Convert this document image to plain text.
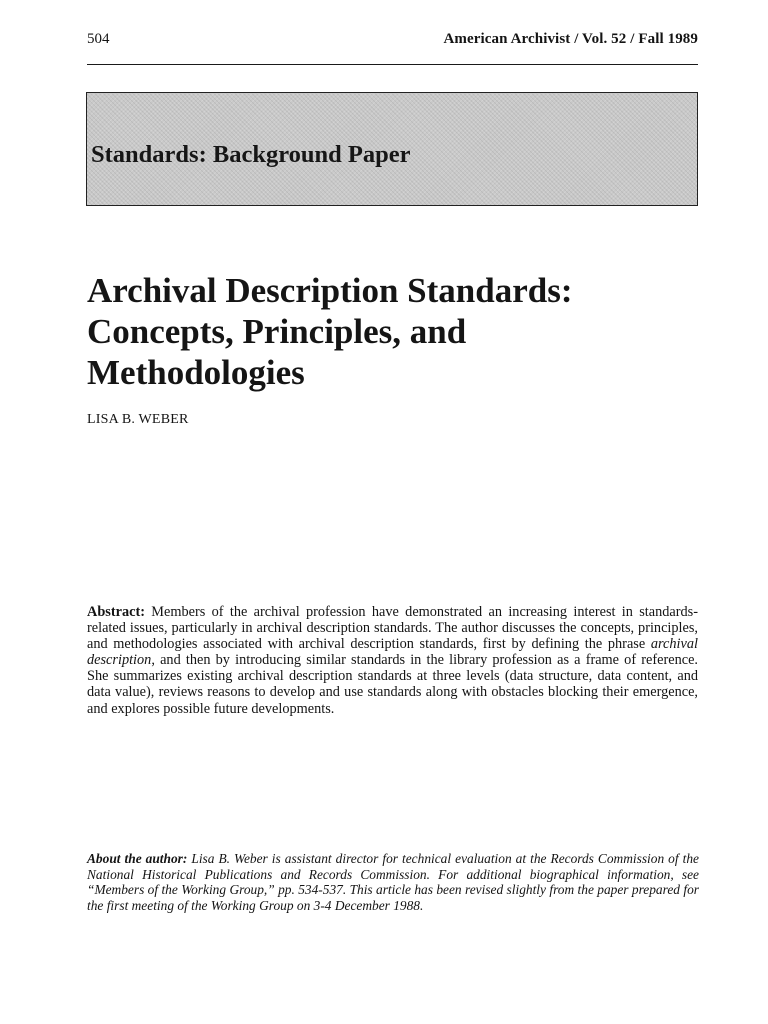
504	American Archivist / Vol. 52 / Fall 1989
Standards: Background Paper
Archival Description Standards:
Concepts, Principles, and
Methodologies
LISA B. WEBER

Abstract: Members of the archival profession have demonstrated an increasing interest in standards-related issues, particularly in archival description standards. The author discusses the concepts, principles, and methodologies associated with archival description standards, first by defining the phrase archival description, and then by introducing similar standards in the library profession as a frame of reference. She summarizes existing archival description standards at three levels (data structure, data content, and data value), reviews reasons to develop and use standards along with obstacles blocking their emergence, and explores possible future developments.

About the author: Lisa B. Weber is assistant director for technical evaluation at the Records Commission of the National Historical Publications and Records Commission. For additional biographical information, see “Members of the Working Group,” pp. 534-537. This article has been revised slightly from the paper prepared for the first meeting of the Working Group on 3-4 December 1988.
